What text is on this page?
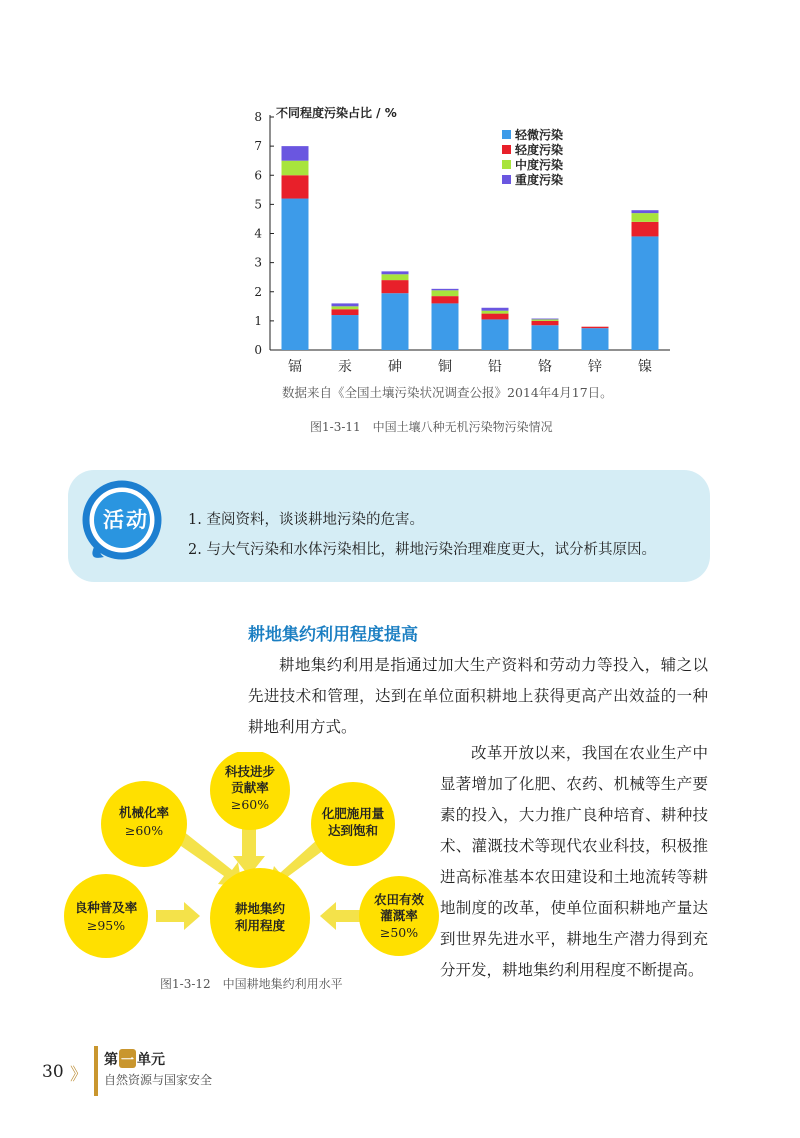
0
1
2
3
4
5
6
7
8 不同程度污染占比 / %
镉	汞	砷	铜	铅	铬	锌	镍
轻微污染
轻度污染
中度污染
重度污染
数据来自《全国土壤污染状况调查公报》2014年4月17日。
图1-3-11　中国土壤八种无机污染物污染情况
活动	1. 查阅资料，谈谈耕地污染的危害。
2. 与大气污染和水体污染相比，耕地污染治理难度更大，试分析其原因。
耕地集约利用程度提高
耕地集约利用是指通过加大生产资料和劳动力等投入，辅之以先进技术和管理，达到在单位面积耕地上获得更高产出效益的一种耕地利用方式。
改革开放以来，我国在农业生产中显著增加了化肥、农药、机械等生产要素的投入，大力推广良种培育、耕种技术、灌溉技术等现代农业科技，积极推进高标准基本农田建设和土地流转等耕地制度的改革，使单位面积耕地产量达到世界先进水平，耕地生产潜力得到充分开发，耕地集约利用程度不断提高。
耕地集约
利用程度
机械化率
≥60%
科技进步
贡献率
≥60%
化肥施用量
达到饱和
良种普及率
≥95%
农田有效
灌溉率
≥50%
图1-3-12　中国耕地集约利用水平
30 》
第 一 单元
自然资源与国家安全
